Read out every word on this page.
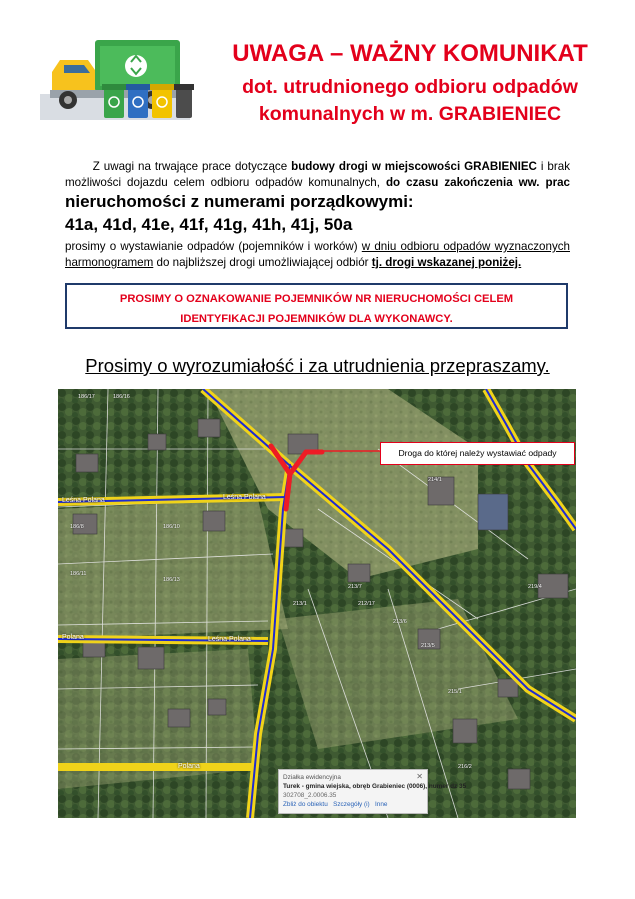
UWAGA – WAŻNY KOMUNIKAT
dot. utrudnionego odbioru odpadów
komunalnych w m. GRABIENIEC
Z uwagi na trwające prace dotyczące budowy drogi w miejscowości GRABIENIEC i brak
możliwości dojazdu celem odbioru odpadów komunalnych, do czasu zakończenia ww. prac
nieruchomości z numerami porządkowymi:
41a, 41d, 41e, 41f, 41g, 41h, 41j, 50a
prosimy o wystawianie odpadów (pojemników i worków) w dniu odbioru odpadów wyznaczonych
harmonogramem do najbliższej drogi umożliwiającej odbiór tj. drogi wskazanej poniżej.
PROSIMY O OZNAKOWANIE POJEMNIKÓW NR NIERUCHOMOŚCI CELEM
IDENTYFIKACJI POJEMNIKÓW DLA WYKONAWCY.
Prosimy o wyrozumiałość i za utrudnienia przepraszamy.
Droga do której należy wystawiać odpady
Leśna Polana	Leśna Polana
Polana	Leśna Polana
Polana
186/17	186/16
186/8	186/10
213/1	212/17
213/7
213/6
186/11
186/13
213/5
214/1
215/1
216/2
219/4
✕
Działka ewidencyjna
Turek - gmina wiejska, obręb Grabieniec (0006), numer dz 35
302708_2.0006.35
Zbliż do obiektu Szczegóły (i) Inne
